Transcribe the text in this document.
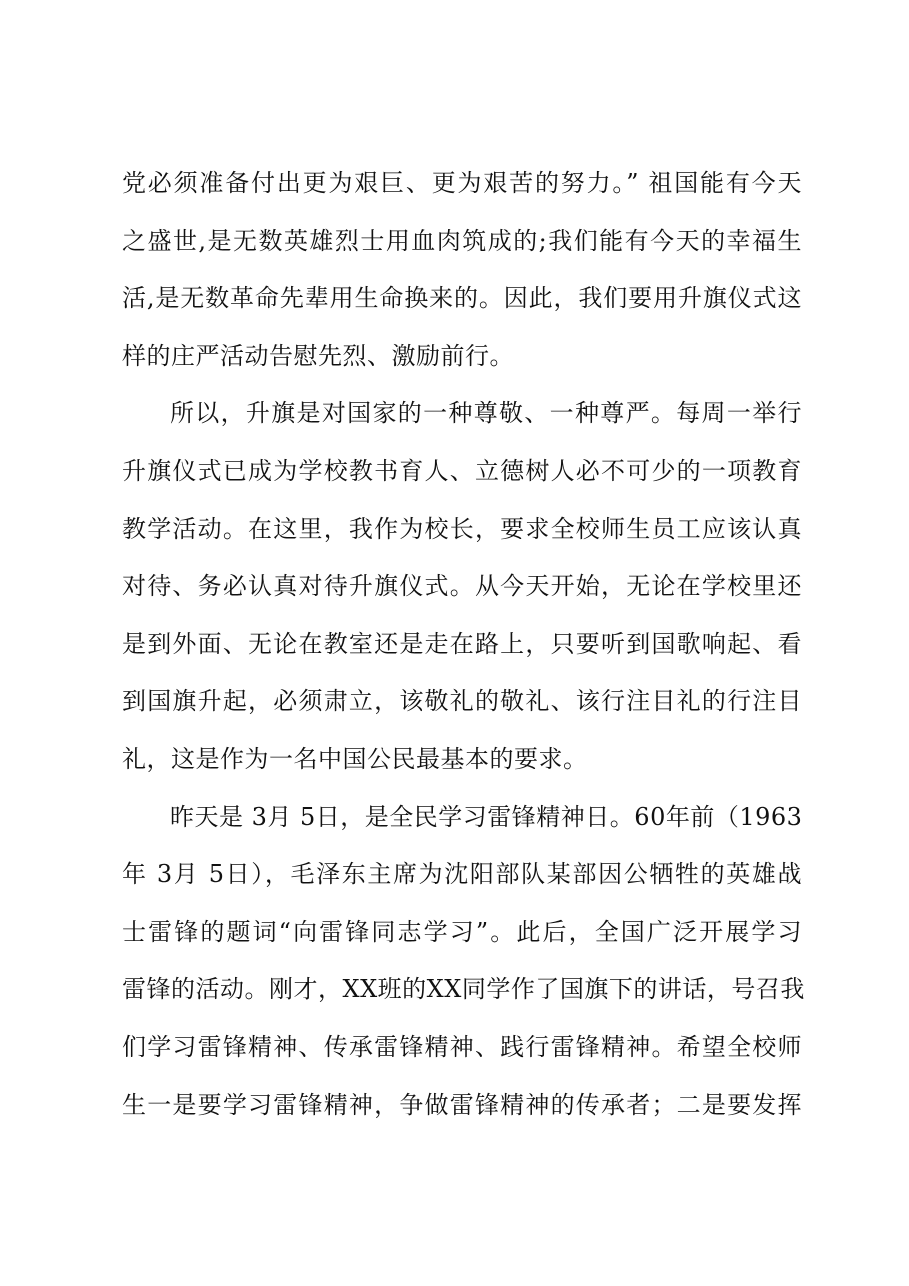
党必须准备付出更为艰巨、更为艰苦的努力。” 祖国能有今天
之盛世,是无数英雄烈士用血肉筑成的;我们能有今天的幸福生
活,是无数革命先辈用生命换来的。因此，我们要用升旗仪式这
样的庄严活动告慰先烈、激励前行。
所以，升旗是对国家的一种尊敬、一种尊严。每周一举行
升旗仪式已成为学校教书育人、立德树人必不可少的一项教育
教学活动。在这里，我作为校长，要求全校师生员工应该认真
对待、务必认真对待升旗仪式。从今天开始，无论在学校里还
是到外面、无论在教室还是走在路上，只要听到国歌响起、看
到国旗升起，必须肃立，该敬礼的敬礼、该行注目礼的行注目
礼，这是作为一名中国公民最基本的要求。
昨天是 3月 5日，是全民学习雷锋精神日。60年前（1963
年 3月 5日），毛泽东主席为沈阳部队某部因公牺牲的英雄战
士雷锋的题词“向雷锋同志学习”。此后，全国广泛开展学习
雷锋的活动。刚才，XX班的XX同学作了国旗下的讲话，号召我
们学习雷锋精神、传承雷锋精神、践行雷锋精神。希望全校师
生一是要学习雷锋精神，争做雷锋精神的传承者；二是要发挥
